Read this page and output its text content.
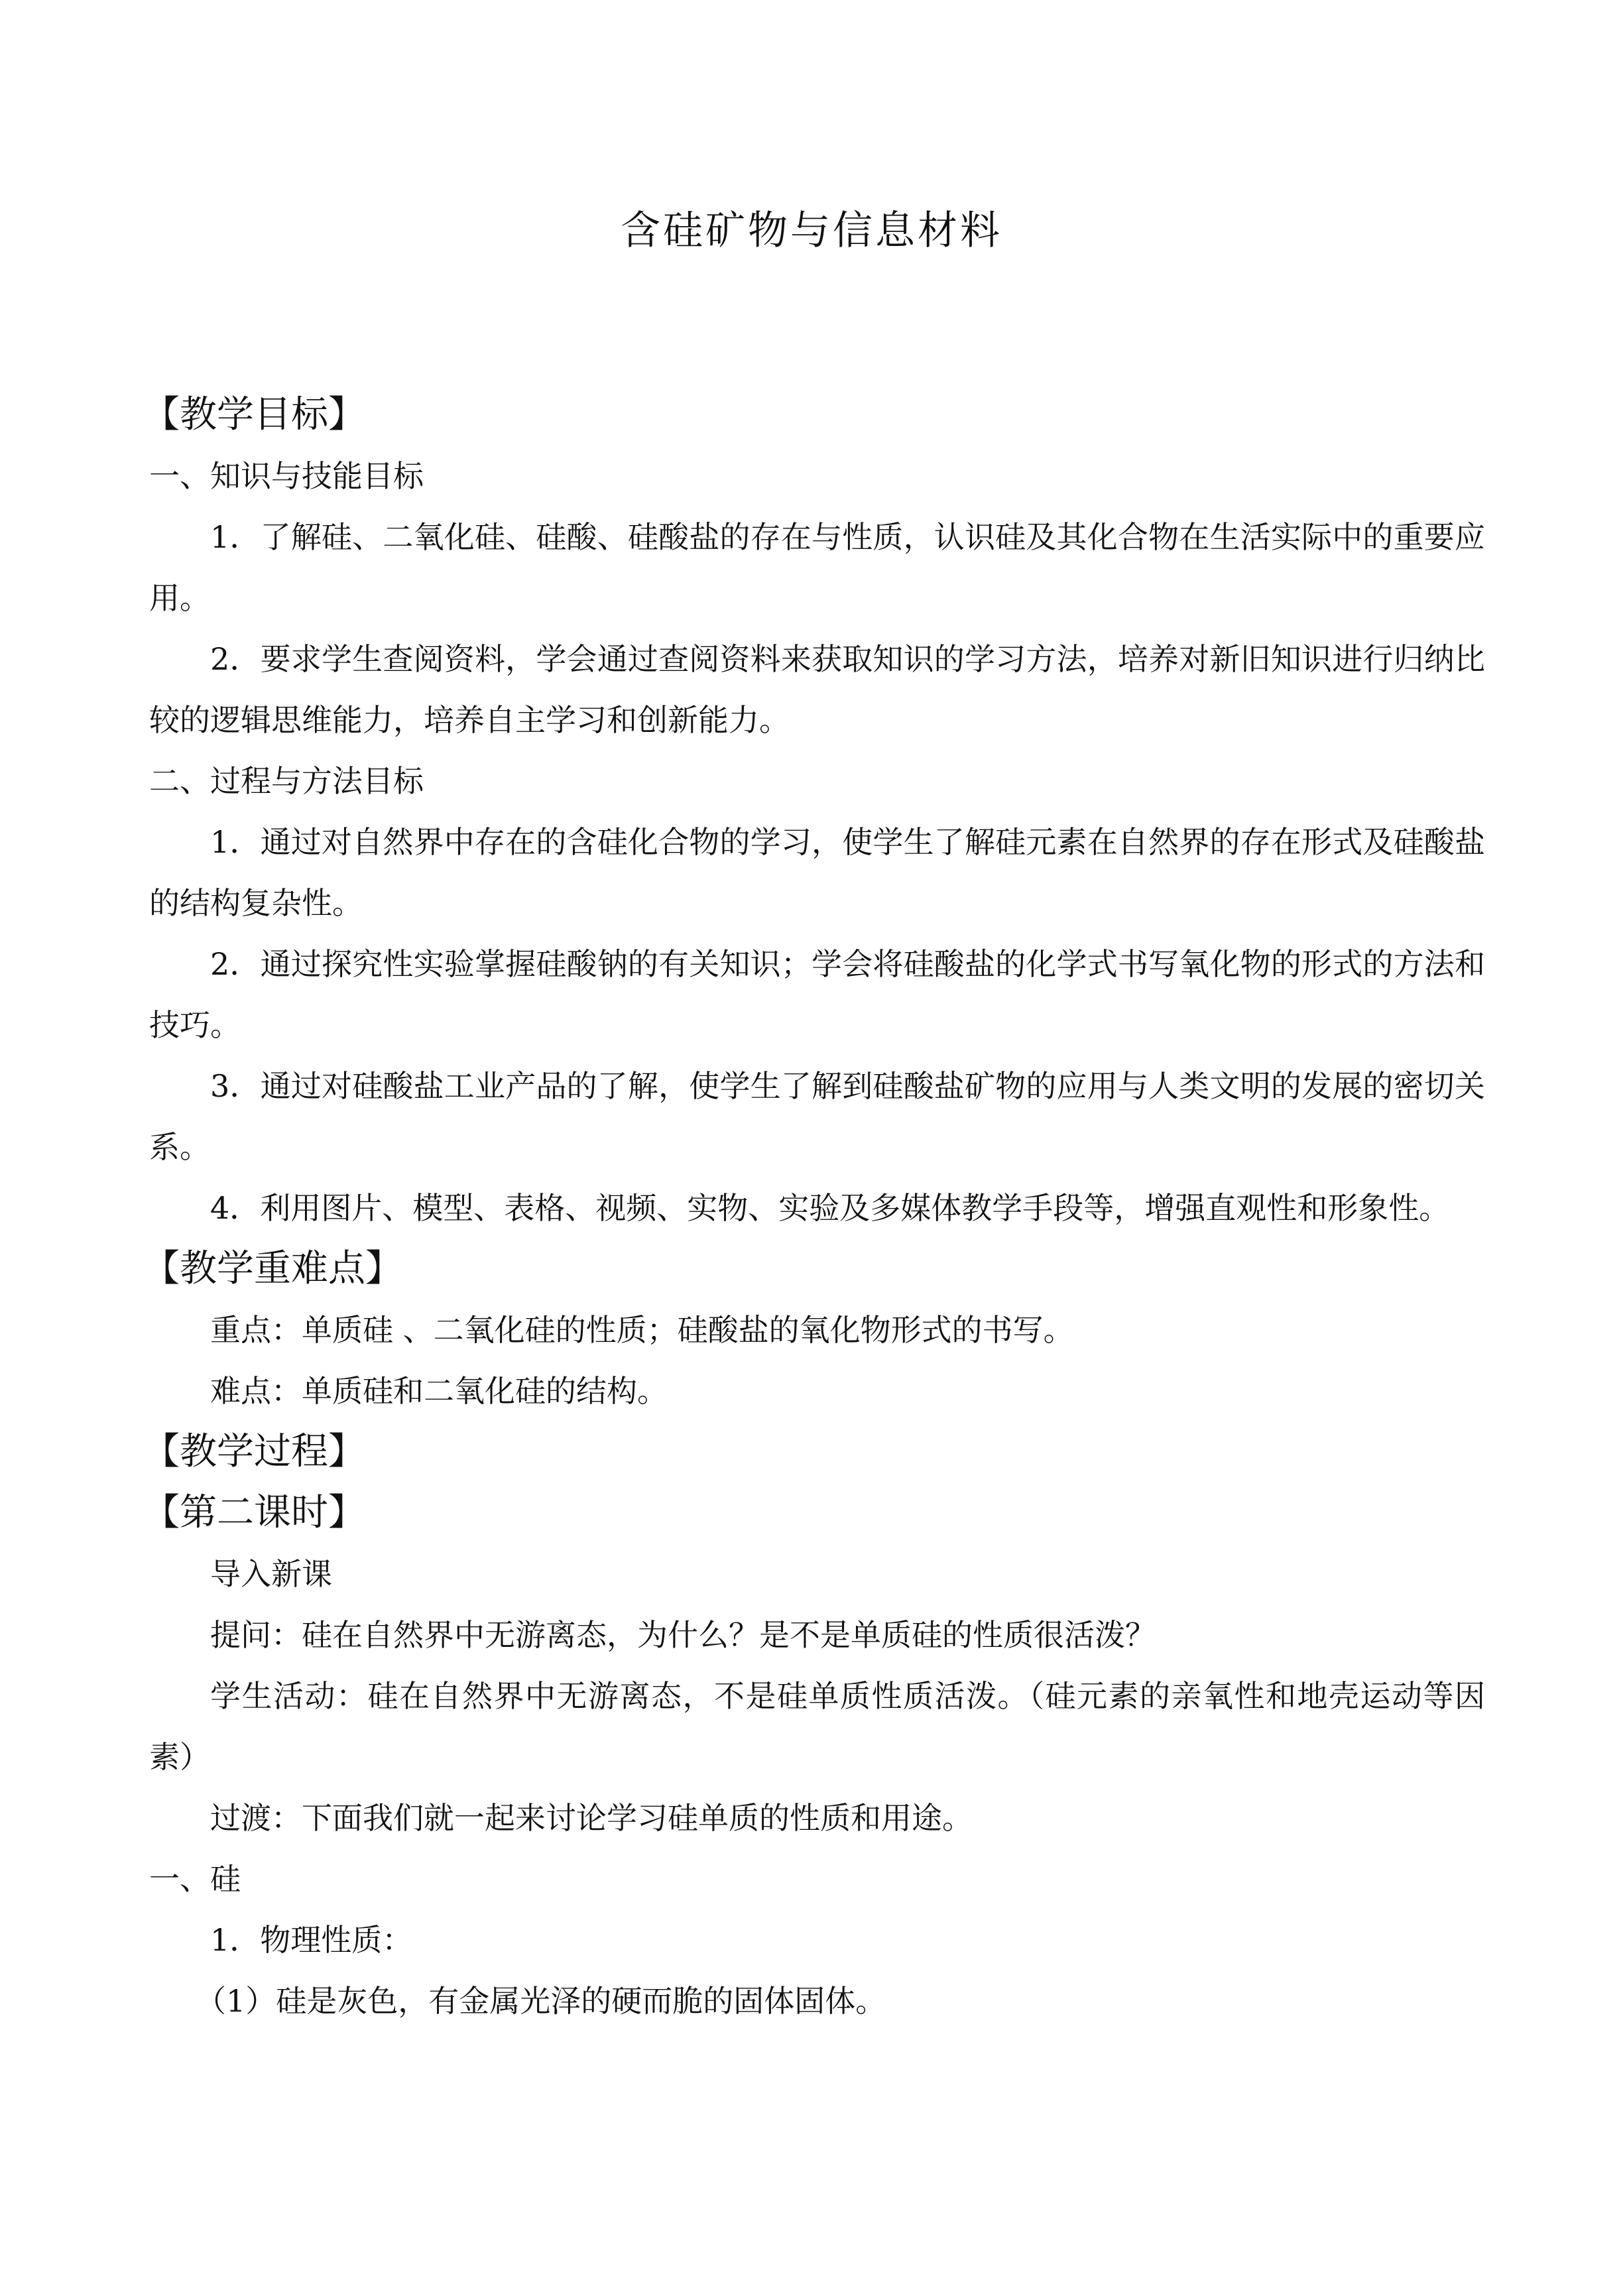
含硅矿物与信息材料
【教学目标】
一、知识与技能目标
1．了解硅、二氧化硅、硅酸、硅酸盐的存在与性质，认识硅及其化合物在生活实际中的重要应用。
2．要求学生查阅资料，学会通过查阅资料来获取知识的学习方法，培养对新旧知识进行归纳比较的逻辑思维能力，培养自主学习和创新能力。
二、过程与方法目标
1．通过对自然界中存在的含硅化合物的学习，使学生了解硅元素在自然界的存在形式及硅酸盐的结构复杂性。
2．通过探究性实验掌握硅酸钠的有关知识；学会将硅酸盐的化学式书写氧化物的形式的方法和技巧。
3．通过对硅酸盐工业产品的了解，使学生了解到硅酸盐矿物的应用与人类文明的发展的密切关系。
4．利用图片、模型、表格、视频、实物、实验及多媒体教学手段等，增强直观性和形象性。
【教学重难点】
重点：单质硅 、二氧化硅的性质；硅酸盐的氧化物形式的书写。
难点：单质硅和二氧化硅的结构。
【教学过程】
【第二课时】
导入新课
提问：硅在自然界中无游离态，为什么？是不是单质硅的性质很活泼？
学生活动：硅在自然界中无游离态，不是硅单质性质活泼。（硅元素的亲氧性和地壳运动等因素）
过渡：下面我们就一起来讨论学习硅单质的性质和用途。
一、硅
1．物理性质：
（1）硅是灰色，有金属光泽的硬而脆的固体固体。
